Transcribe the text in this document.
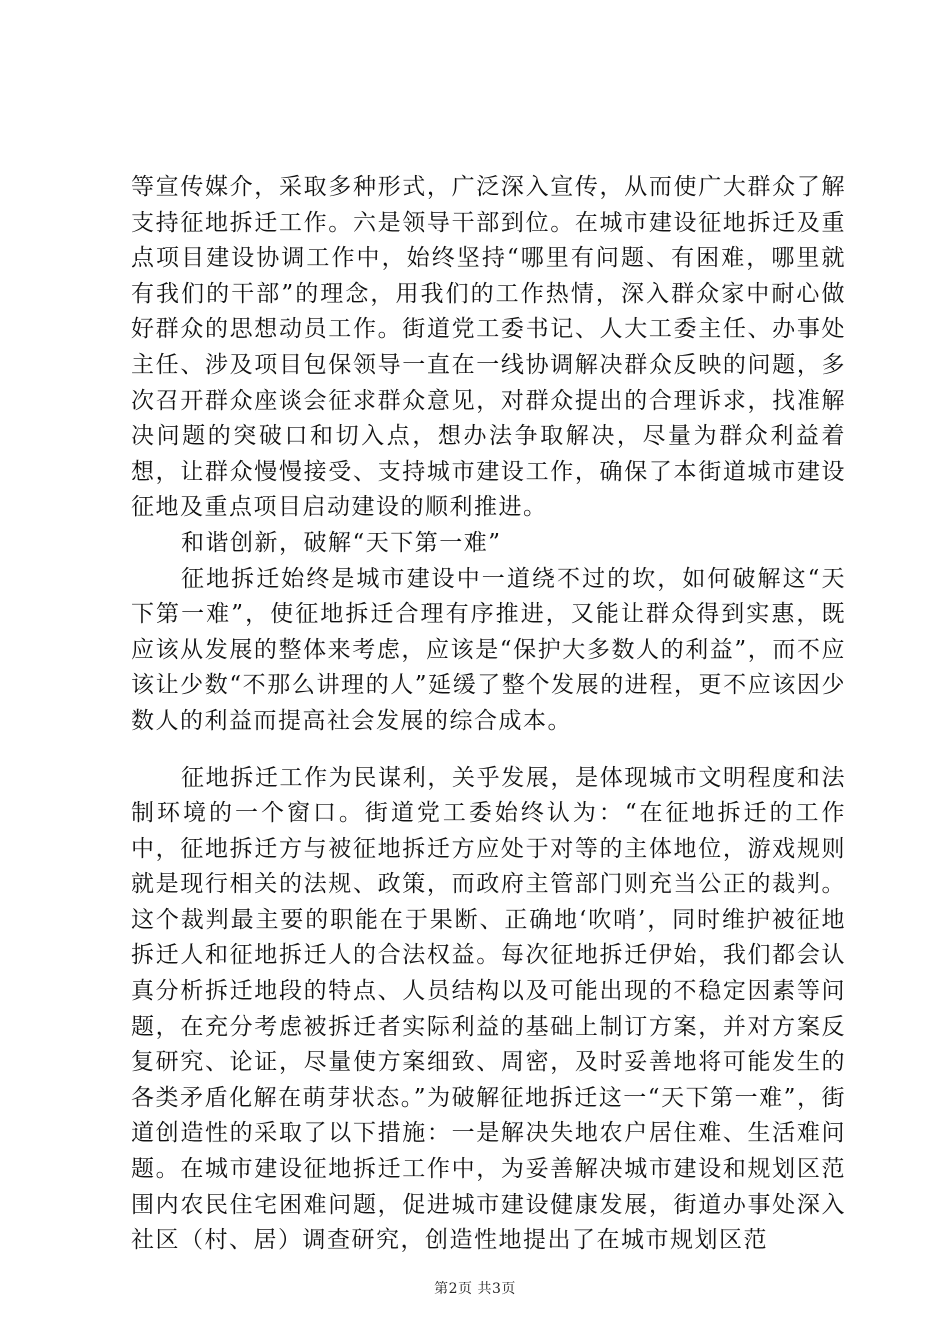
等宣传媒介，采取多种形式，广泛深入宣传，从而使广大群众了解支持征地拆迁工作。六是领导干部到位。在城市建设征地拆迁及重点项目建设协调工作中，始终坚持“哪里有问题、有困难，哪里就有我们的干部”的理念，用我们的工作热情，深入群众家中耐心做好群众的思想动员工作。街道党工委书记、人大工委主任、办事处主任、涉及项目包保领导一直在一线协调解决群众反映的问题，多次召开群众座谈会征求群众意见，对群众提出的合理诉求，找准解决问题的突破口和切入点，想办法争取解决，尽量为群众利益着想，让群众慢慢接受、支持城市建设工作，确保了本街道城市建设征地及重点项目启动建设的顺利推进。

和谐创新，破解“天下第一难”

征地拆迁始终是城市建设中一道绕不过的坎，如何破解这“天下第一难”，使征地拆迁合理有序推进，又能让群众得到实惠，既应该从发展的整体来考虑，应该是“保护大多数人的利益”，而不应该让少数“不那么讲理的人”延缓了整个发展的进程，更不应该因少数人的利益而提高社会发展的综合成本。

征地拆迁工作为民谋利，关乎发展，是体现城市文明程度和法制环境的一个窗口。街道党工委始终认为：“在征地拆迁的工作中，征地拆迁方与被征地拆迁方应处于对等的主体地位，游戏规则就是现行相关的法规、政策，而政府主管部门则充当公正的裁判。这个裁判最主要的职能在于果断、正确地‘吹哨’，同时维护被征地拆迁人和征地拆迁人的合法权益。每次征地拆迁伊始，我们都会认真分析拆迁地段的特点、人员结构以及可能出现的不稳定因素等问题，在充分考虑被拆迁者实际利益的基础上制订方案，并对方案反复研究、论证，尽量使方案细致、周密，及时妥善地将可能发生的各类矛盾化解在萌芽状态。”为破解征地拆迁这一“天下第一难”，街道创造性的采取了以下措施：一是解决失地农户居住难、生活难问题。在城市建设征地拆迁工作中，为妥善解决城市建设和规划区范围内农民住宅困难问题，促进城市建设健康发展，街道办事处深入社区（村、居）调查研究，创造性地提出了在城市规划区范

第2页 共3页
